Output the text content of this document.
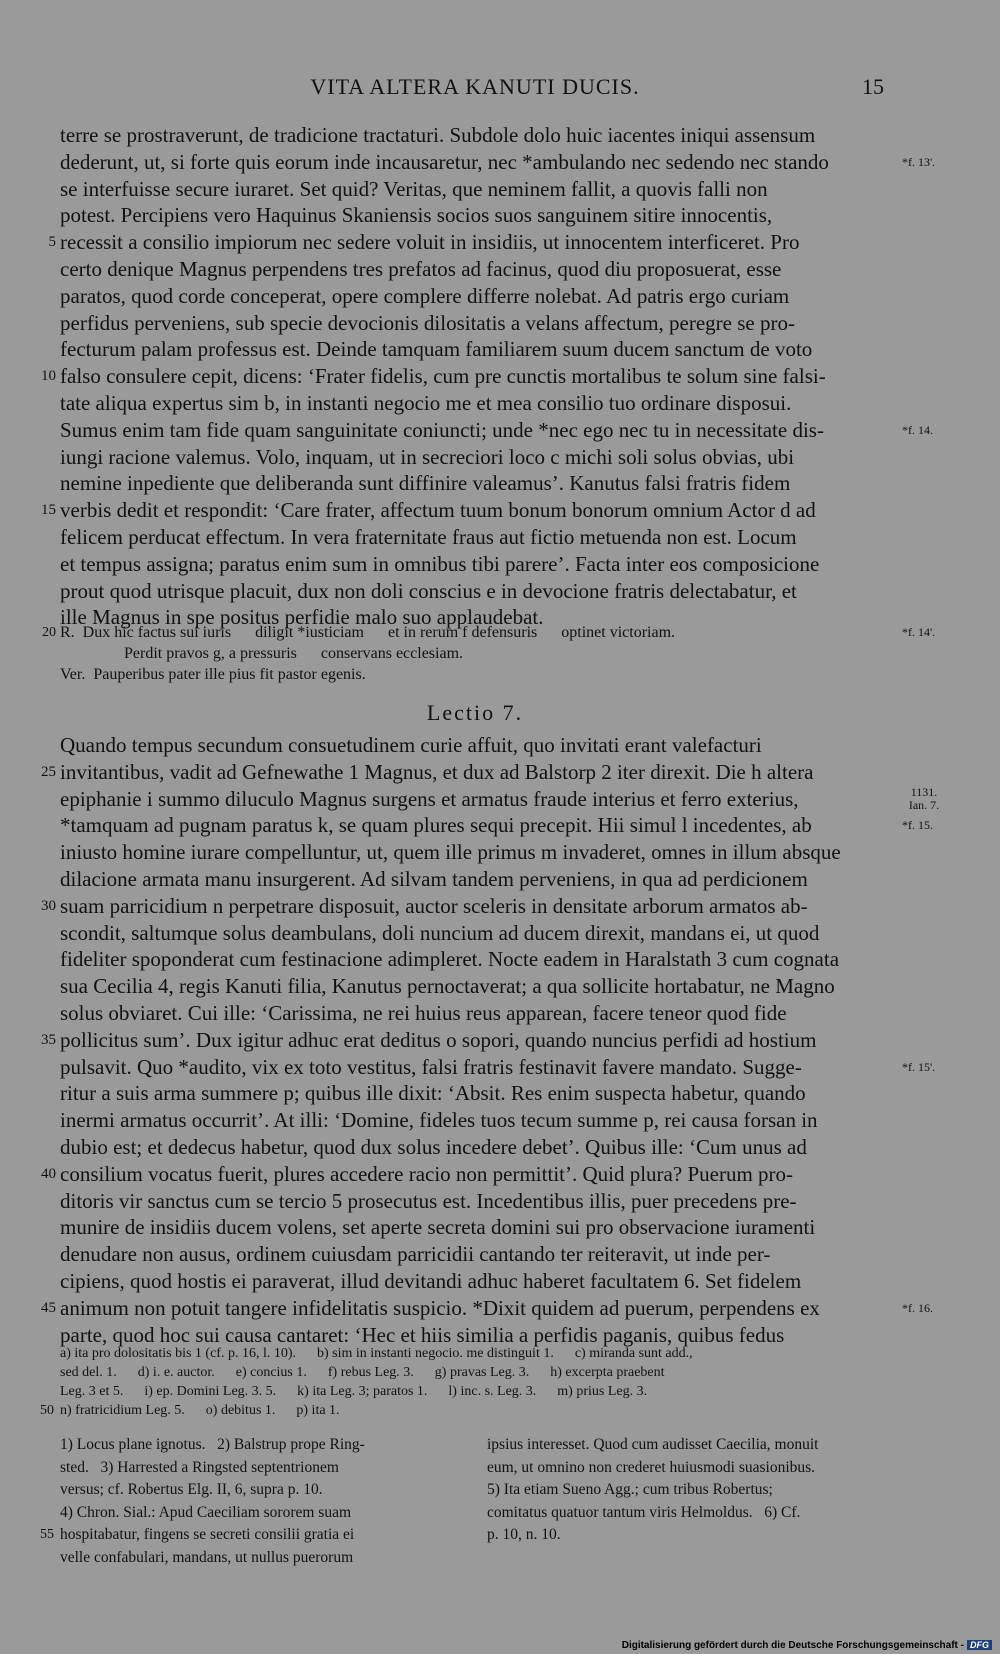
VITA ALTERA KANUTI DUCIS.	15
terre se prostraverunt, de tradicione tractaturi. Subdole dolo huic iacentes iniqui assensum
dederunt, ut, si forte quis eorum inde incausaretur, nec *ambulando nec sedendo nec stando	*f. 13'.
se interfuisse secure iuraret. Set quid? Veritas, que neminem fallit, a quovis falli non
potest. Percipiens vero Haquinus Skaniensis socios suos sanguinem sitire innocentis,
5 recessit a consilio impiorum nec sedere voluit in insidiis, ut innocentem interficeret. Pro
certo denique Magnus perpendens tres prefatos ad facinus, quod diu proposuerat, esse
paratos, quod corde conceperat, opere complere differre nolebat. Ad patris ergo curiam
perfidus perveniens, sub specie devocionis dilositatis a velans affectum, peregre se pro-
fecturum palam professus est. Deinde tamquam familiarem suum ducem sanctum de voto
10 falso consulere cepit, dicens: ‘Frater fidelis, cum pre cunctis mortalibus te solum sine falsi-
tate aliqua expertus sim b, in instanti negocio me et mea consilio tuo ordinare disposui.
Sumus enim tam fide quam sanguinitate coniuncti; unde *nec ego nec tu in necessitate dis-	*f. 14.
iungi racione valemus. Volo, inquam, ut in secreciori loco c michi soli solus obvias, ubi
nemine inpediente que deliberanda sunt diffinire valeamus’. Kanutus falsi fratris fidem
15 verbis dedit et respondit: ‘Care frater, affectum tuum bonum bonorum omnium Actor d ad
felicem perducat effectum. In vera fraternitate fraus aut fictio metuenda non est. Locum
et tempus assigna; paratus enim sum in omnibus tibi parere’. Facta inter eos composicione
prout quod utrisque placuit, dux non doli conscius e in devocione fratris delectabatur, et
ille Magnus in spe positus perfidie malo suo applaudebat.
20 R.  Dux hic factus sui iuris      diligit *iusticiam      et in rerum f defensuris      optinet victoriam.	*f. 14'.
Perdit pravos g, a pressuris      conservans ecclesiam.
Ver.  Pauperibus pater ille pius fit pastor egenis.
Lectio 7.
1131. Ian. 7.
Quando tempus secundum consuetudinem curie affuit, quo invitati erant valefacturi
25 invitantibus, vadit ad Gefnewathe 1 Magnus, et dux ad Balstorp 2 iter direxit. Die h altera
epiphanie i summo diluculo Magnus surgens et armatus fraude interius et ferro exterius,
*tamquam ad pugnam paratus k, se quam plures sequi precepit. Hii simul l incedentes, ab	*f. 15.
iniusto homine iurare compelluntur, ut, quem ille primus m invaderet, omnes in illum absque
dilacione armata manu insurgerent. Ad silvam tandem perveniens, in qua ad perdicionem
30 suam parricidium n perpetrare disposuit, auctor sceleris in densitate arborum armatos ab-
scondit, saltumque solus deambulans, doli nuncium ad ducem direxit, mandans ei, ut quod
fideliter spoponderat cum festinacione adimpleret. Nocte eadem in Haralstath 3 cum cognata
sua Cecilia 4, regis Kanuti filia, Kanutus pernoctaverat; a qua sollicite hortabatur, ne Magno
solus obviaret. Cui ille: ‘Carissima, ne rei huius reus apparean, facere teneor quod fide
35 pollicitus sum’. Dux igitur adhuc erat deditus o sopori, quando nuncius perfidi ad hostium
pulsavit. Quo *audito, vix ex toto vestitus, falsi fratris festinavit favere mandato. Sugge-	*f. 15'.
ritur a suis arma summere p; quibus ille dixit: ‘Absit. Res enim suspecta habetur, quando
inermi armatus occurrit’. At illi: ‘Domine, fideles tuos tecum summe p, rei causa forsan in
dubio est; et dedecus habetur, quod dux solus incedere debet’. Quibus ille: ‘Cum unus ad
40 consilium vocatus fuerit, plures accedere racio non permittit’. Quid plura? Puerum pro-
ditoris vir sanctus cum se tercio 5 prosecutus est. Incedentibus illis, puer precedens pre-
munire de insidiis ducem volens, set aperte secreta domini sui pro observacione iuramenti
denudare non ausus, ordinem cuiusdam parricidii cantando ter reiteravit, ut inde per-
cipiens, quod hostis ei paraverat, illud devitandi adhuc haberet facultatem 6. Set fidelem
45 animum non potuit tangere infidelitatis suspicio. *Dixit quidem ad puerum, perpendens ex	*f. 16.
parte, quod hoc sui causa cantaret: ‘Hec et hiis similia a perfidis paganis, quibus fedus
a) ita pro dolositatis bis 1 (cf. p. 16, l. 10).      b) sim in instanti negocio. me distinguit 1.      c) miranda sunt add.,
sed del. 1.      d) i. e. auctor.      e) concius 1.      f) rebus Leg. 3.      g) pravas Leg. 3.      h) excerpta praebent
Leg. 3 et 5.      i) ep. Domini Leg. 3. 5.      k) ita Leg. 3; paratos 1.      l) inc. s. Leg. 3.      m) prius Leg. 3.
50 n) fratricidium Leg. 5.      o) debitus 1.      p) ita 1.
1) Locus plane ignotus.   2) Balstrup prope Ring-
sted.   3) Harrested a Ringsted septentrionem
versus; cf. Robertus Elg. II, 6, supra p. 10.
4) Chron. Sial.: Apud Caeciliam sororem suam
55 hospitabatur, fingens se secreti consilii gratia ei
velle confabulari, mandans, ut nullus puerorum
ipsius interesset. Quod cum audisset Caecilia, monuit
eum, ut omnino non crederet huiusmodi suasionibus.
5) Ita etiam Sueno Agg.; cum tribus Robertus;
comitatus quatuor tantum viris Helmoldus.   6) Cf.
p. 10, n. 10.
Digitalisierung gefördert durch die Deutsche Forschungsgemeinschaft - DFG
